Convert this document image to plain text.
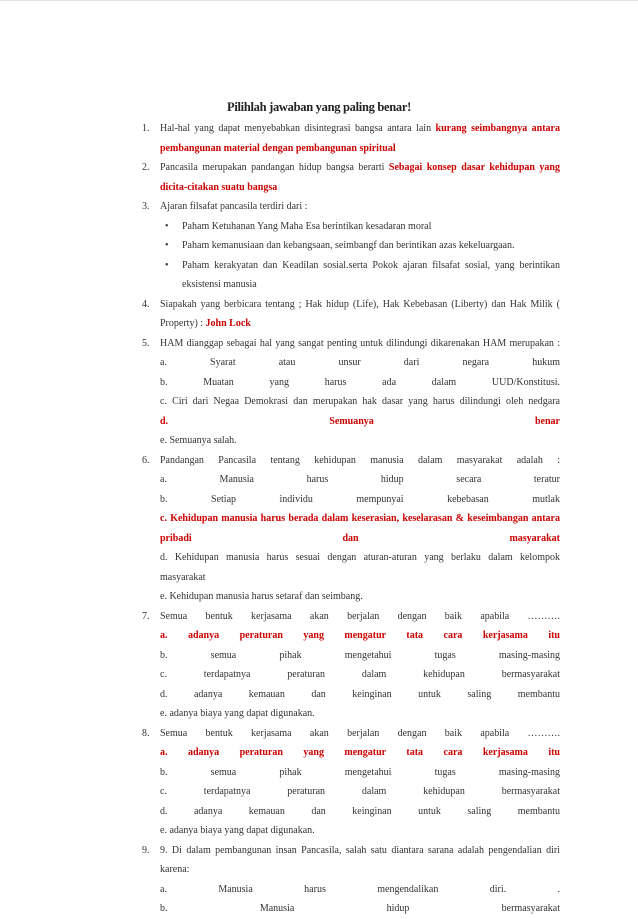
Pilihlah jawaban yang paling benar!
1.	Hal-hal yang dapat menyebabkan disintegrasi bangsa antara lain kurang seimbangnya antara
pembangunan material dengan pembangunan spiritual
2.	Pancasila merupakan pandangan hidup bangsa berarti Sebagai konsep dasar kehidupan yang
dicita-citakan suatu bangsa
3.	Ajaran filsafat pancasila terdiri dari :
• Paham Ketuhanan Yang Maha Esa berintikan kesadaran moral
• Paham kemanusiaan dan kebangsaan, seimbangf dan berintikan azas kekeluargaan.
• Paham kerakyatan dan Keadilan sosial.serta Pokok ajaran filsafat sosial, yang berintikan
eksistensi manusia
4.	Siapakah yang berbicara tentang ; Hak hidup (Life), Hak Kebebasan (Liberty) dan Hak Milik (
Property) : John Lock
5.	HAM dianggap sebagai hal yang sangat penting untuk dilindungi dikarenakan HAM merupakan :
a. Syarat atau unsur dari negara hukum
b. Muatan yang harus ada dalam UUD/Konstitusi.
c. Ciri dari Negaa Demokrasi dan merupakan hak dasar yang harus dilindungi oleh nedgara
d. Semuanya benar
e. Semuanya salah.
6.	Pandangan Pancasila tentang kehidupan manusia dalam masyarakat adalah :
a. Manusia harus hidup secara teratur
b. Setiap individu mempunyai kebebasan mutlak
c. Kehidupan manusia harus berada dalam keserasian, keselarasan & keseimbangan antara
pribadi dan masyarakat
d. Kehidupan manusia harus sesuai dengan aturan-aturan yang berlaku dalam kelompok
masyarakat
e. Kehidupan manusia harus setaraf dan seimbang.
7.	Semua bentuk kerjasama akan berjalan dengan baik apabila ……….
a. adanya peraturan yang mengatur tata cara kerjasama itu
b. semua pihak mengetahui tugas masing-masing
c. terdapatnya peraturan dalam kehidupan bermasyarakat
d. adanya kemauan dan keinginan untuk saling membantu
e. adanya biaya yang dapat digunakan.
8.	Semua bentuk kerjasama akan berjalan dengan baik apabila ……….
a. adanya peraturan yang mengatur tata cara kerjasama itu
b. semua pihak mengetahui tugas masing-masing
c. terdapatnya peraturan dalam kehidupan bermasyarakat
d. adanya kemauan dan keinginan untuk saling membantu
e. adanya biaya yang dapat digunakan.
9.	9. Di dalam pembangunan insan Pancasila, salah satu diantara sarana adalah pengendalian diri
karena:
a. Manusia harus mengendalikan diri. .
b. Manusia hidup bermasyarakat
